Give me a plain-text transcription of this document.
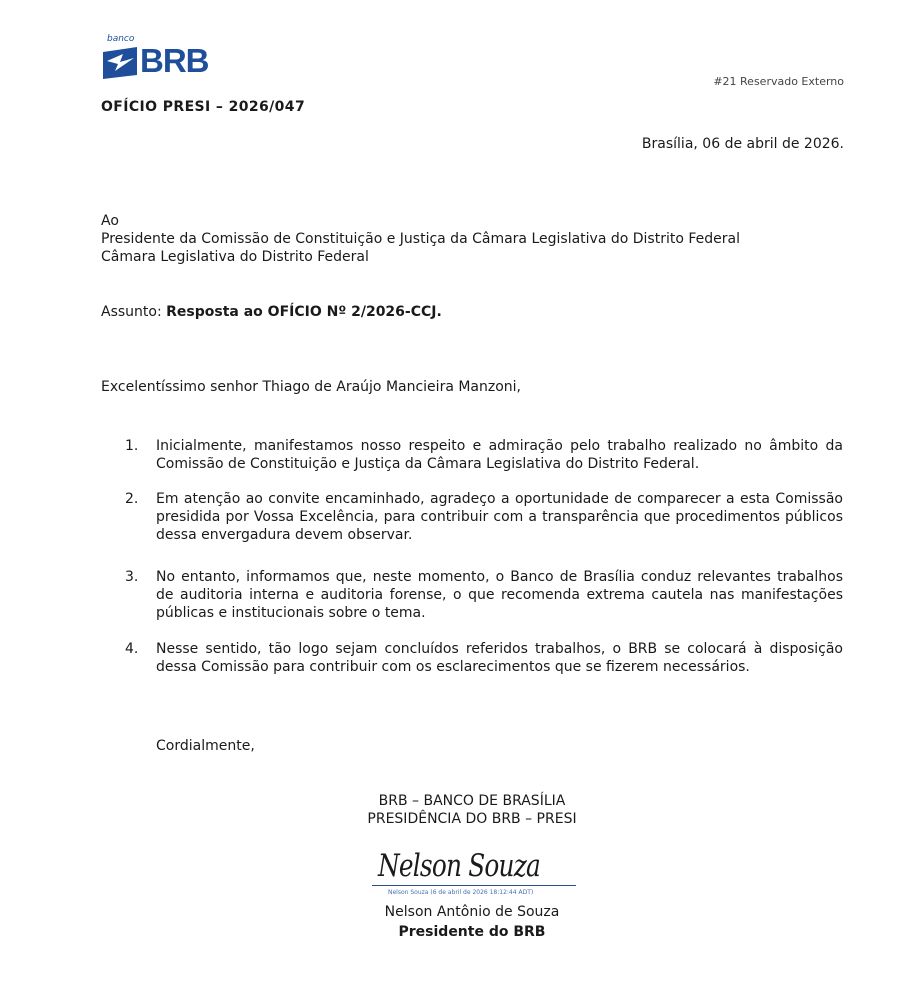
banco
BRB
#21 Reservado Externo
OFÍCIO PRESI – 2026/047
Brasília, 06 de abril de 2026.
Ao
Presidente da Comissão de Constituição e Justiça da Câmara Legislativa do Distrito Federal
Câmara Legislativa do Distrito Federal
Assunto: Resposta ao OFÍCIO Nº 2/2026-CCJ.
Excelentíssimo senhor Thiago de Araújo Mancieira Manzoni,
1.	Inicialmente, manifestamos nosso respeito e admiração pelo trabalho realizado no âmbito da Comissão de Constituição e Justiça da Câmara Legislativa do Distrito Federal.
2.	Em atenção ao convite encaminhado, agradeço a oportunidade de comparecer a esta Comissão presidida por Vossa Excelência, para contribuir com a transparência que procedimentos públicos dessa envergadura devem observar.
3.	No entanto, informamos que, neste momento, o Banco de Brasília conduz relevantes trabalhos de auditoria interna e auditoria forense, o que recomenda extrema cautela nas manifestações públicas e institucionais sobre o tema.
4.	Nesse sentido, tão logo sejam concluídos referidos trabalhos, o BRB se colocará à disposição dessa Comissão para contribuir com os esclarecimentos que se fizerem necessários.
Cordialmente,
BRB – BANCO DE BRASÍLIA
PRESIDÊNCIA DO BRB – PRESI
Nelson Souza
Nelson Souza (6 de abril de 2026 18:12:44 ADT)
Nelson Antônio de Souza
Presidente do BRB
